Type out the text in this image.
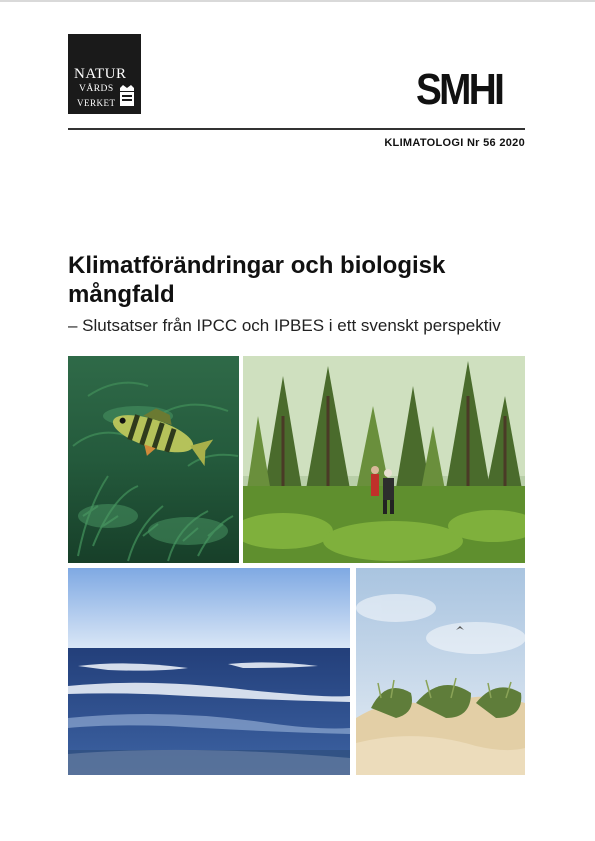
NATUR
VÅRDS
VERKET	SMHI
KLIMATOLOGI Nr 56 2020
Klimatförändringar och biologisk mångfald
– Slutsatser från IPCC och IPBES i ett svenskt perspektiv
